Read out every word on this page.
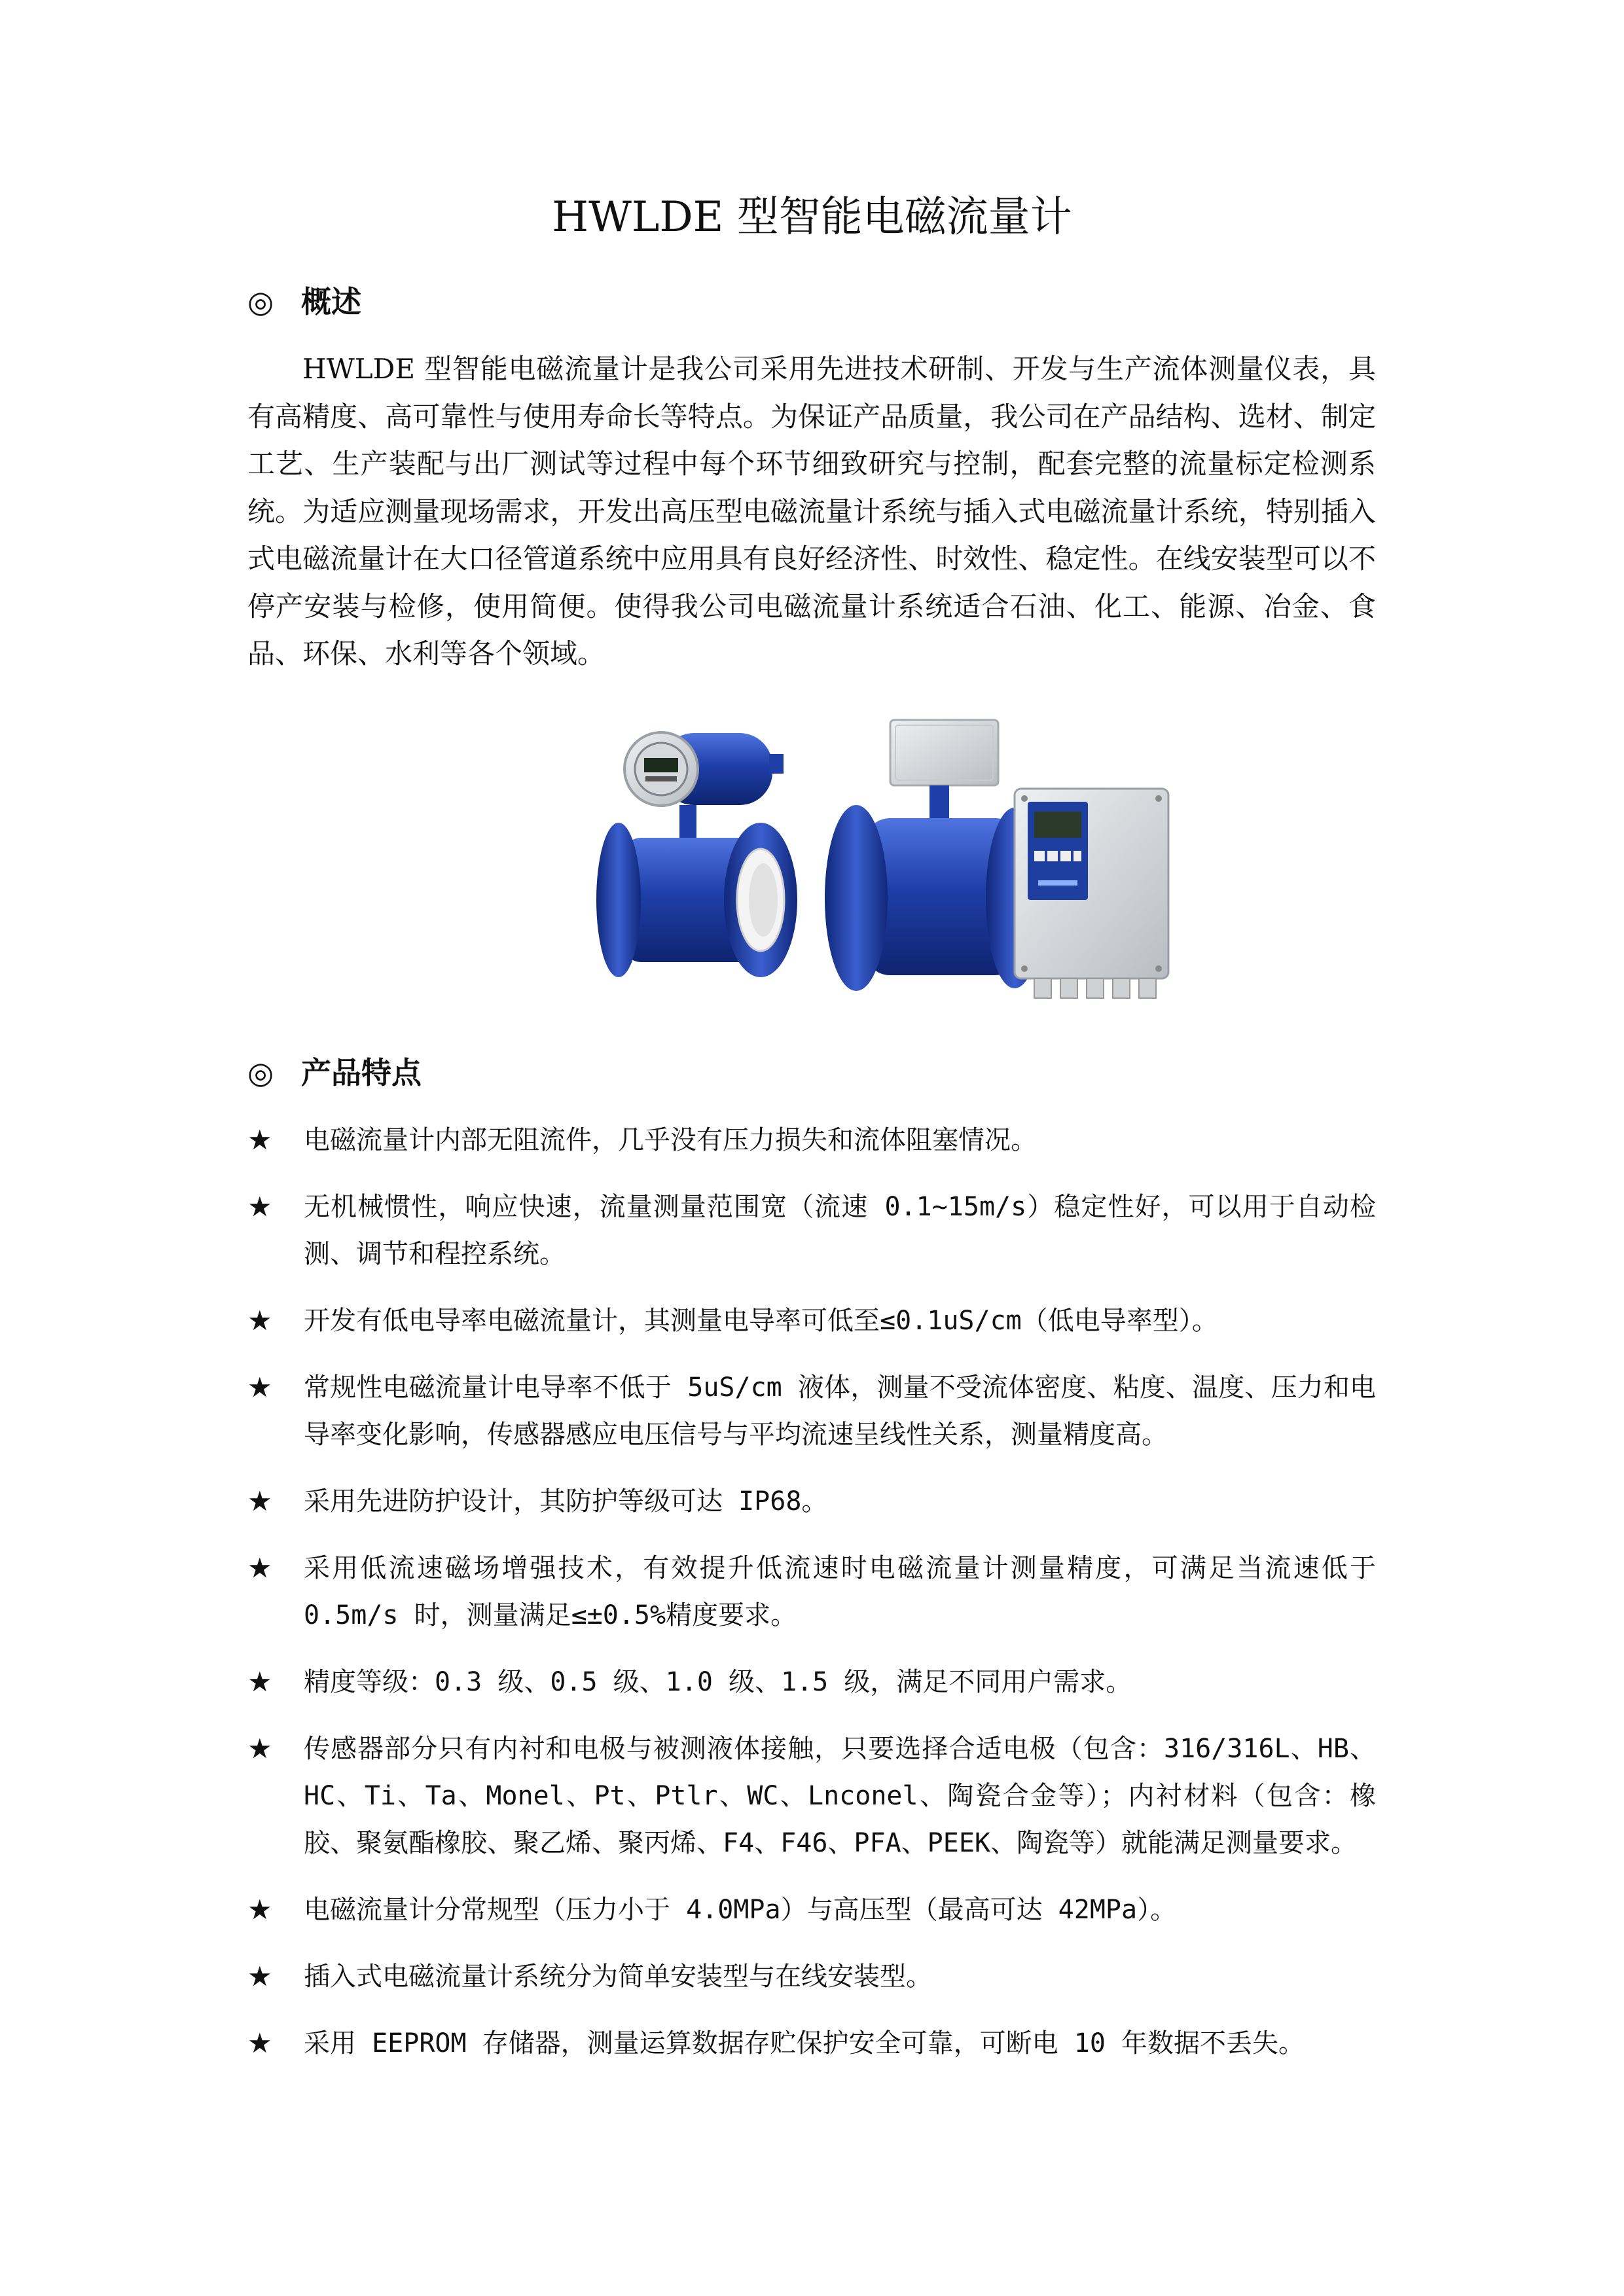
HWLDE 型智能电磁流量计
◎ 概述

HWLDE 型智能电磁流量计是我公司采用先进技术研制、开发与生产流体测量仪表，具有高精度、高可靠性与使用寿命长等特点。为保证产品质量，我公司在产品结构、选材、制定工艺、生产装配与出厂测试等过程中每个环节细致研究与控制，配套完整的流量标定检测系统。为适应测量现场需求，开发出高压型电磁流量计系统与插入式电磁流量计系统，特别插入式电磁流量计在大口径管道系统中应用具有良好经济性、时效性、稳定性。在线安装型可以不停产安装与检修，使用简便。使得我公司电磁流量计系统适合石油、化工、能源、冶金、食品、环保、水利等各个领域。

◎ 产品特点
★	电磁流量计内部无阻流件，几乎没有压力损失和流体阻塞情况。
★	无机械惯性，响应快速，流量测量范围宽（流速 0.1~15m/s）稳定性好，可以用于自动检测、调节和程控系统。
★	开发有低电导率电磁流量计，其测量电导率可低至≤0.1uS/cm（低电导率型）。
★	常规性电磁流量计电导率不低于 5uS/cm 液体，测量不受流体密度、粘度、温度、压力和电导率变化影响，传感器感应电压信号与平均流速呈线性关系，测量精度高。
★	采用先进防护设计，其防护等级可达 IP68。
★	采用低流速磁场增强技术，有效提升低流速时电磁流量计测量精度，可满足当流速低于 0.5m/s 时，测量满足≤±0.5%精度要求。
★	精度等级：0.3 级、0.5 级、1.0 级、1.5 级，满足不同用户需求。
★	传感器部分只有内衬和电极与被测液体接触，只要选择合适电极（包含：316/316L、HB、HC、Ti、Ta、Monel、Pt、Ptlr、WC、Lnconel、陶瓷合金等）；内衬材料（包含：橡胶、聚氨酯橡胶、聚乙烯、聚丙烯、F4、F46、PFA、PEEK、陶瓷等）就能满足测量要求。
★	电磁流量计分常规型（压力小于 4.0MPa）与高压型（最高可达 42MPa）。
★	插入式电磁流量计系统分为简单安装型与在线安装型。
★	采用 EEPROM 存储器，测量运算数据存贮保护安全可靠，可断电 10 年数据不丢失。
